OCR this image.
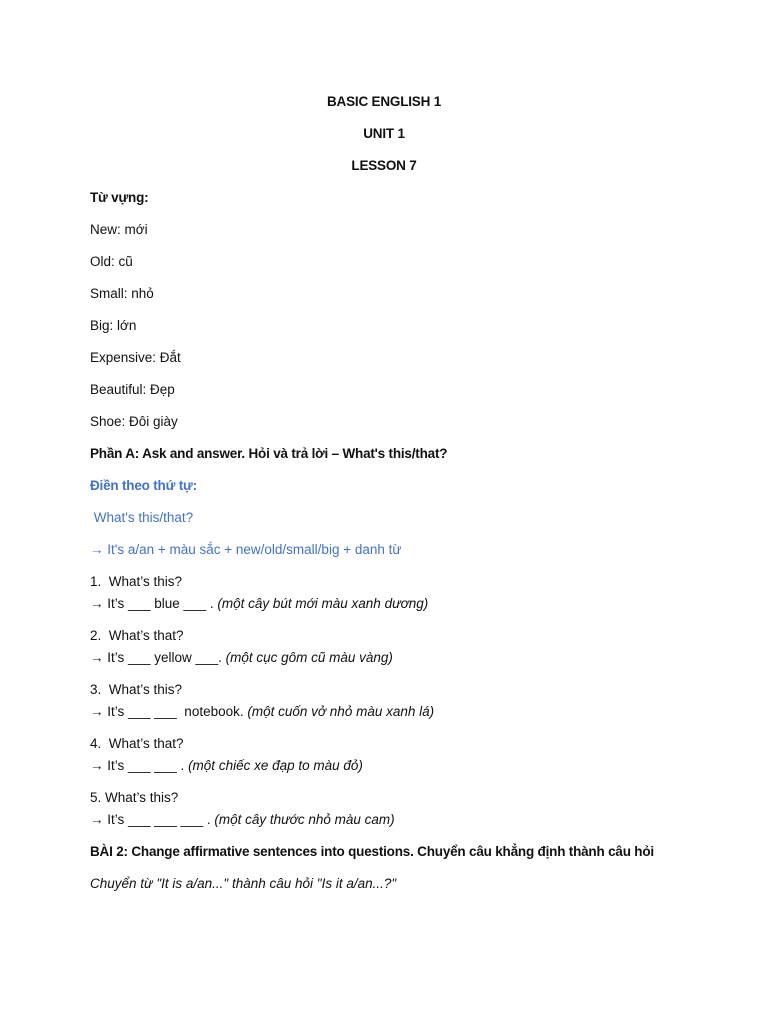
BASIC ENGLISH 1
UNIT 1
LESSON 7
Từ vựng:
New: mới
Old: cũ
Small: nhỏ
Big: lớn
Expensive: Đắt
Beautiful: Đẹp
Shoe: Đôi giày
Phần A: Ask and answer. Hỏi và trả lời – What's this/that?
Điền theo thứ tự:
What's this/that?
→ It's a/an + màu sắc + new/old/small/big + danh từ
1.  What’s this?
→ It’s ___ blue ___ . (một cây bút mới màu xanh dương)
2.  What’s that?
→ It’s ___ yellow ___. (một cục gôm cũ màu vàng)
3.  What’s this?
→ It’s ___ ___  notebook. (một cuốn vở nhỏ màu xanh lá)
4.  What’s that?
→ It’s ___ ___ . (một chiếc xe đạp to màu đỏ)
5. What’s this?
→ It’s ___ ___ ___ . (một cây thước nhỏ màu cam)
BÀI 2: Change affirmative sentences into questions. Chuyển câu khẳng định thành câu hỏi
Chuyển từ "It is a/an..." thành câu hỏi "Is it a/an...?"
